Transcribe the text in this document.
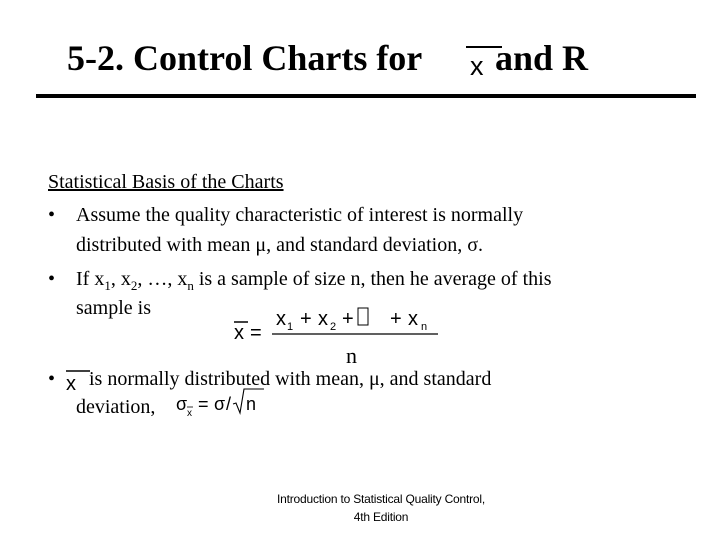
5-2. Control Charts for x and R
Statistical Basis of the Charts
• Assume the quality characteristic of interest is normally
distributed with mean μ, and standard deviation, σ.
• If $x_1$, $x_2$, …, $x_n$ is a sample of size n, then he average of this
sample is
x =
x 1 + x 2 +	… + x n
n
• x is normally distributed with mean, μ, and standard
deviation, σ x = σ / n
Introduction to Statistical Quality Control,
4th Edition
